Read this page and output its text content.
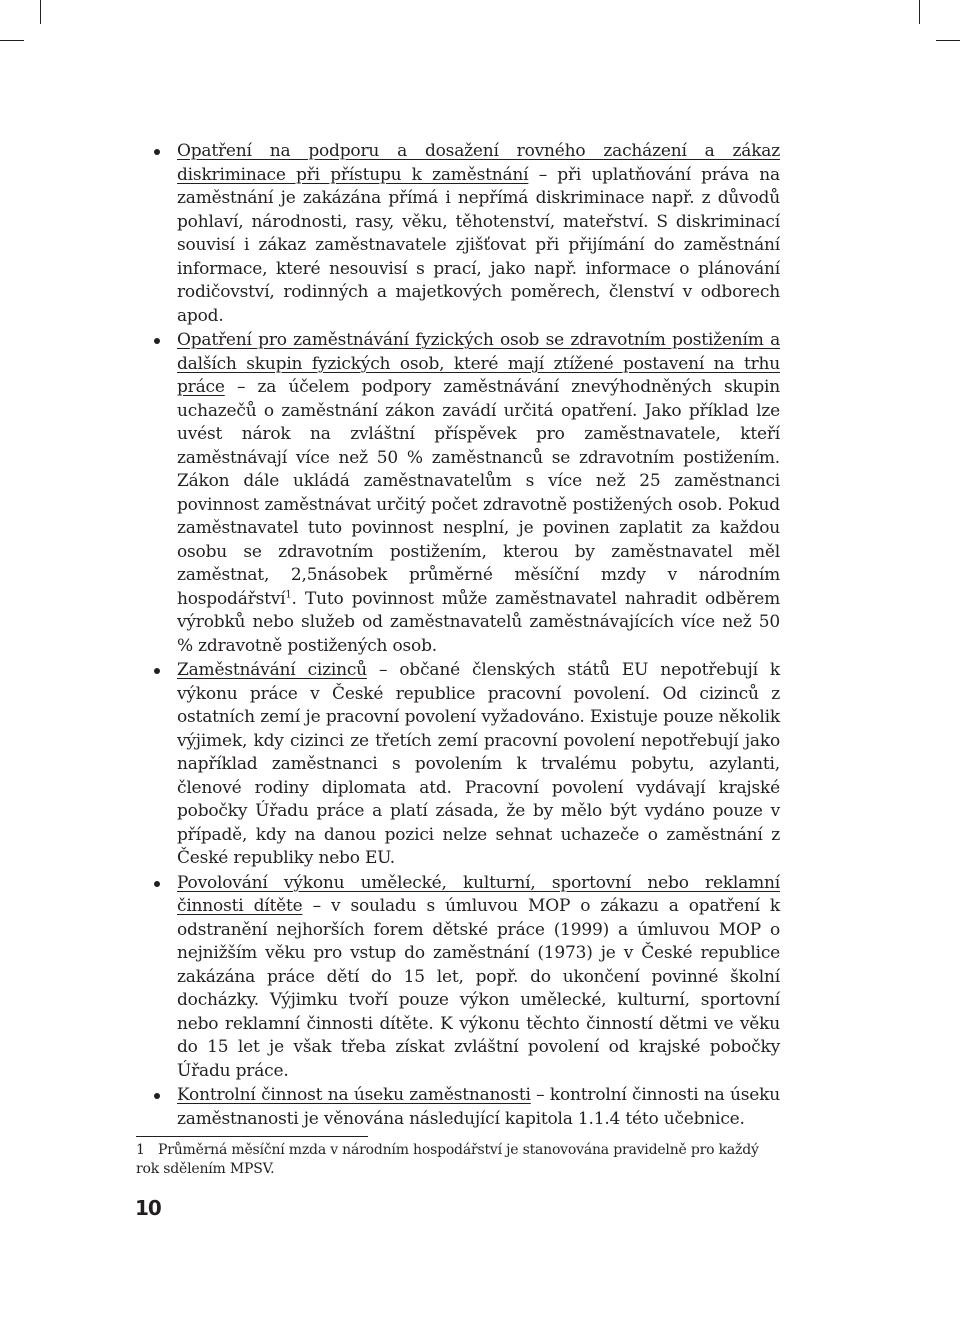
Opatření na podporu a dosažení rovného zacházení a zákaz diskriminace při přístupu k zaměstnání – při uplatňování práva na zaměstnání je zakázána přímá i nepřímá diskriminace např. z důvodů pohlaví, národnosti, rasy, věku, těhotenství, mateřství. S diskriminací souvisí i zákaz zaměstnavatele zjišťovat při přijímání do zaměstnání informace, které nesouvisí s prací, jako např. informace o plánování rodičovství, rodinných a majetkových poměrech, členství v odborech apod.
Opatření pro zaměstnávání fyzických osob se zdravotním postižením a dalších skupin fyzických osob, které mají ztížené postavení na trhu práce – za účelem podpory zaměstnávání znevýhodněných skupin uchazečů o zaměstnání zákon zavádí určitá opatření. Jako příklad lze uvést nárok na zvláštní příspěvek pro zaměstnavatele, kteří zaměstnávají více než 50 % zaměstnanců se zdravotním postižením. Zákon dále ukládá zaměstnavatelům s více než 25 zaměstnanci povinnost zaměstnávat určitý počet zdravotně postižených osob. Pokud zaměstnavatel tuto povinnost nesplní, je povinen zaplatit za každou osobu se zdravotním postižením, kterou by zaměstnavatel měl zaměstnat, 2,5násobek průměrné měsíční mzdy v národním hospodářství$^1$. Tuto povinnost může zaměstnavatel nahradit odběrem výrobků nebo služeb od zaměstnavatelů zaměstnávajících více než 50 % zdravotně postižených osob.
Zaměstnávání cizinců – občané členských států EU nepotřebují k výkonu práce v České republice pracovní povolení. Od cizinců z ostatních zemí je pracovní povolení vyžadováno. Existuje pouze několik výjimek, kdy cizinci ze třetích zemí pracovní povolení nepotřebují jako například zaměstnanci s povolením k trvalému pobytu, azylanti, členové rodiny diplomata atd. Pracovní povolení vydávají krajské pobočky Úřadu práce a platí zásada, že by mělo být vydáno pouze v případě, kdy na danou pozici nelze sehnat uchazeče o zaměstnání z České republiky nebo EU.
Povolování výkonu umělecké, kulturní, sportovní nebo reklamní činnosti dítěte – v souladu s úmluvou MOP o zákazu a opatření k odstranění nejhorších forem dětské práce (1999) a úmluvou MOP o nejnižším věku pro vstup do zaměstnání (1973) je v České republice zakázána práce dětí do 15 let, popř. do ukončení povinné školní docházky. Výjimku tvoří pouze výkon umělecké, kulturní, sportovní nebo reklamní činnosti dítěte. K výkonu těchto činností dětmi ve věku do 15 let je však třeba získat zvláštní povolení od krajské pobočky Úřadu práce.
Kontrolní činnost na úseku zaměstnanosti – kontrolní činnosti na úseku zaměstnanosti je věnována následující kapitola 1.1.4 této učebnice.
1 Průměrná měsíční mzda v národním hospodářství je stanovována pravidelně pro každý rok sdělením MPSV.
10
